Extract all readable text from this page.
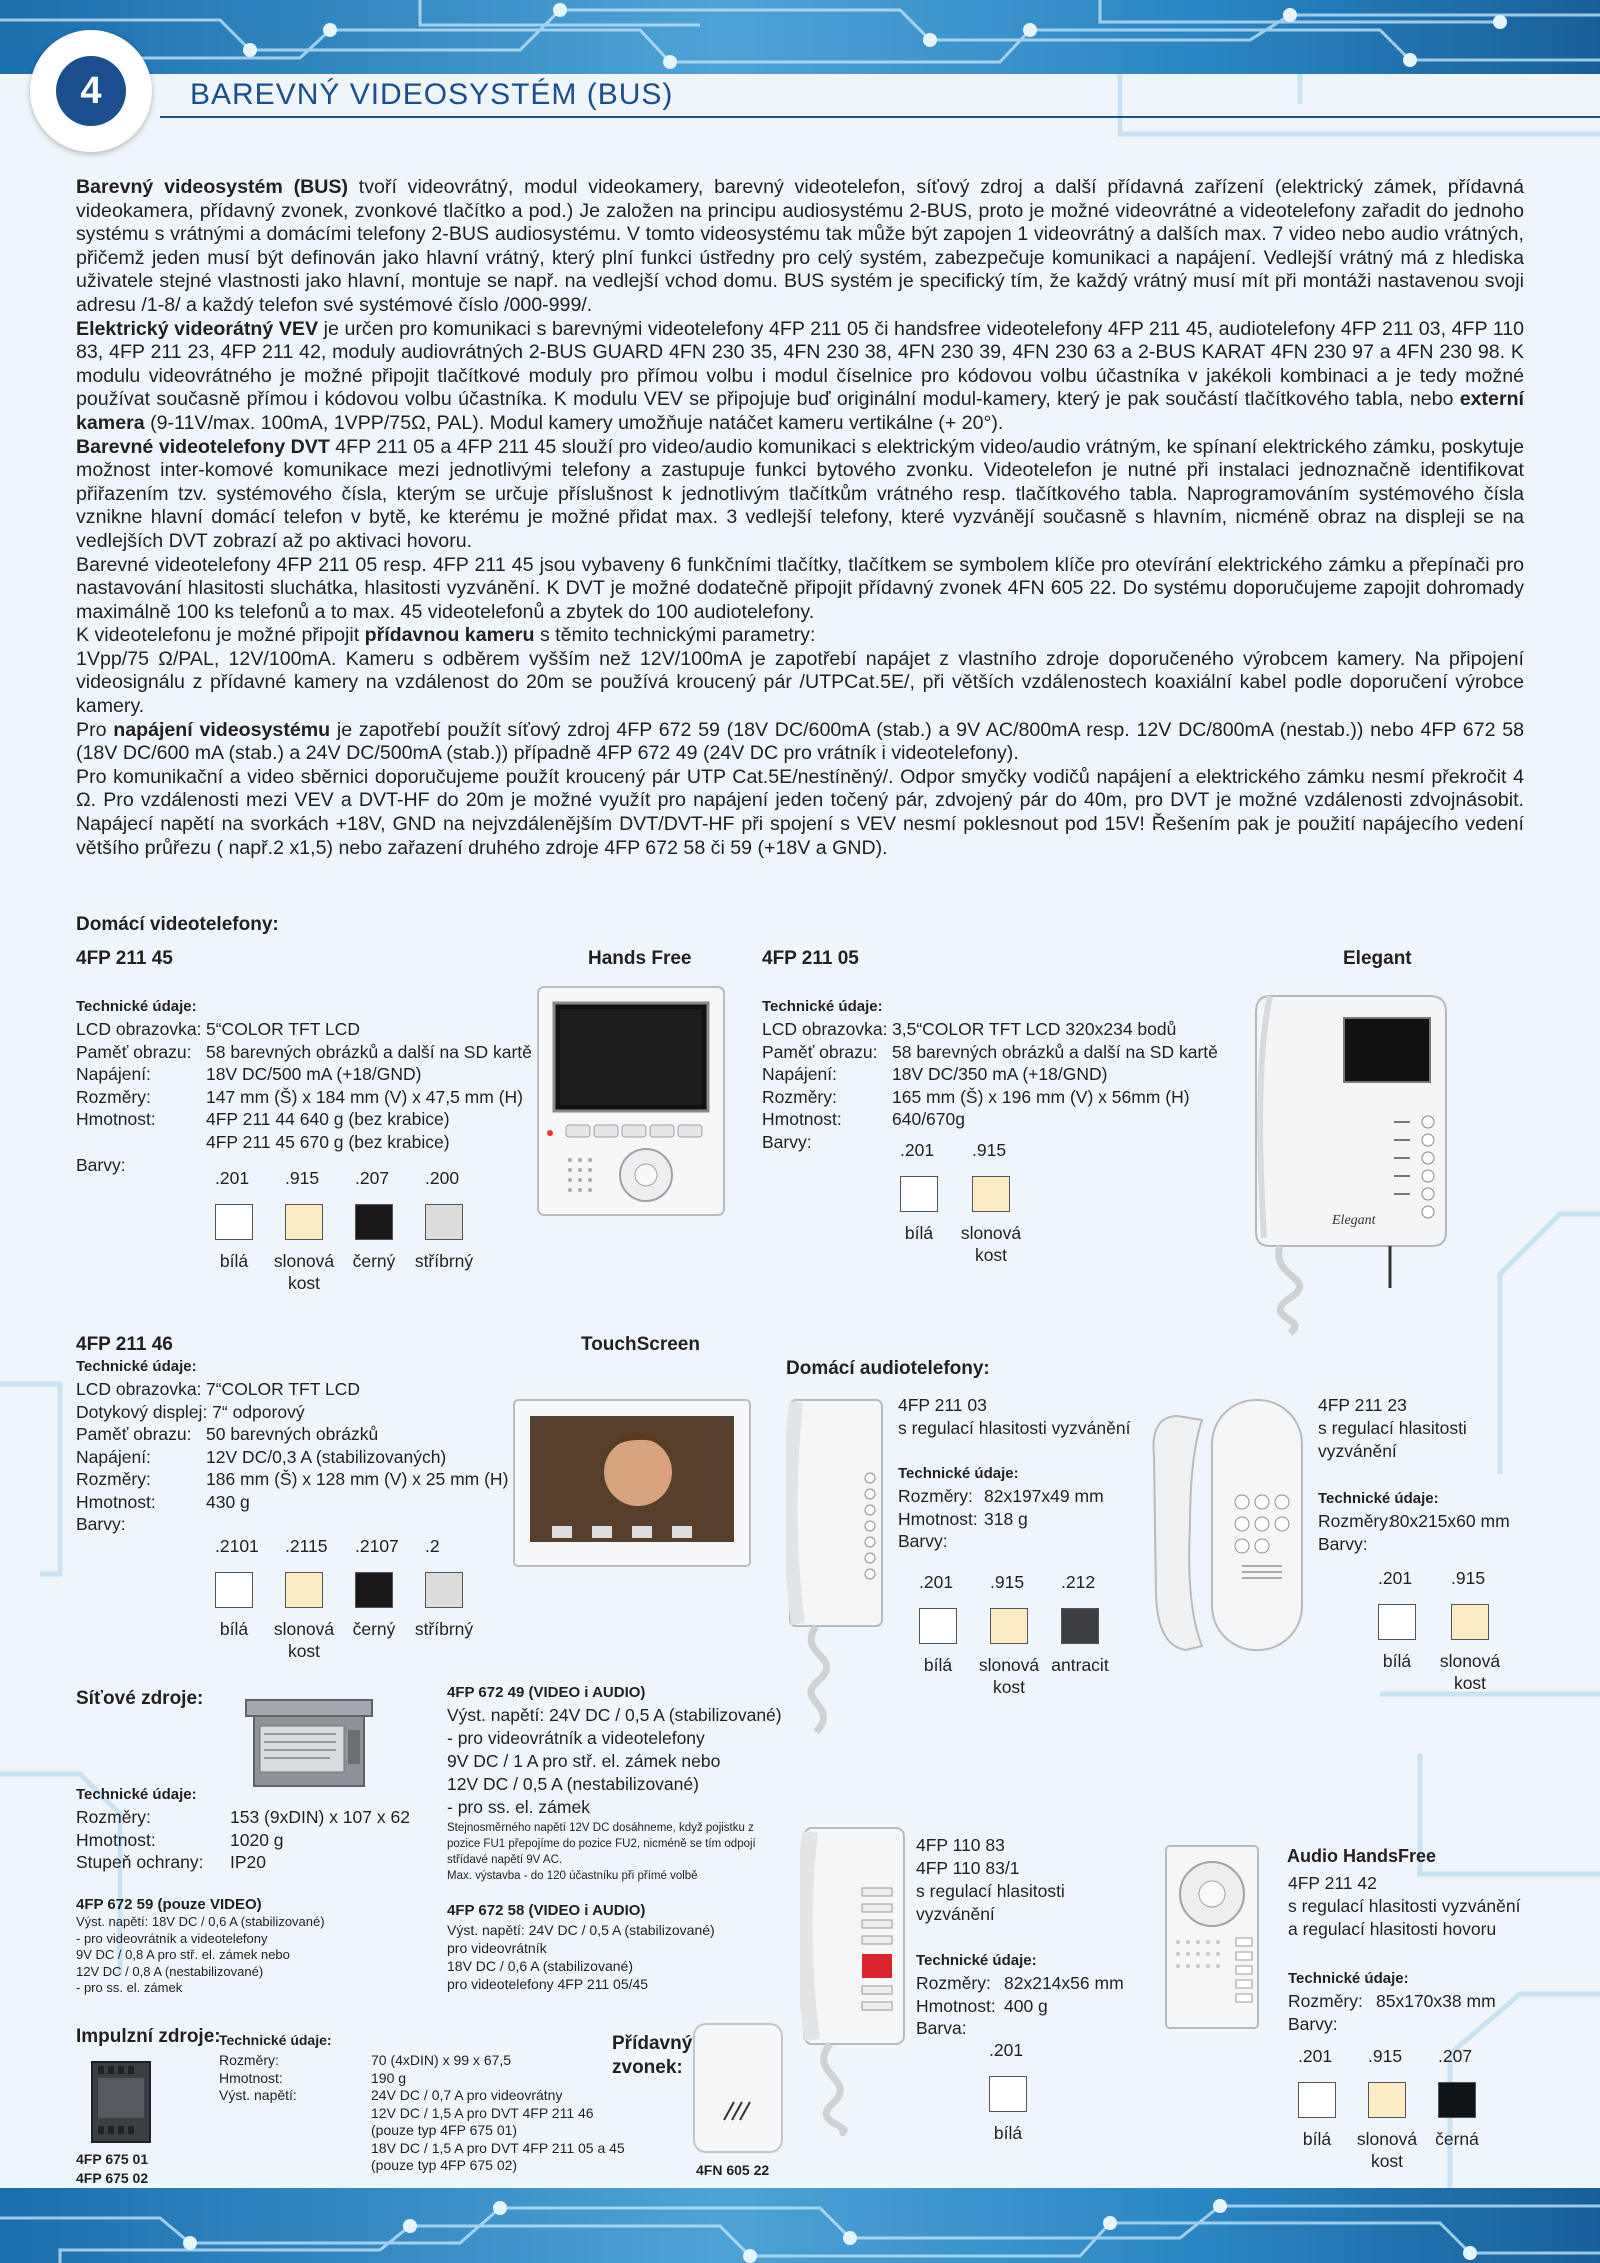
4	BAREVNÝ VIDEOSYSTÉM (BUS)

Barevný videosystém (BUS) tvoří videovrátný, modul videokamery, barevný videotelefon, síťový zdroj a další přídavná zařízení (elektrický zámek, přídavná videokamera, přídavný zvonek, zvonkové tlačítko a pod.) Je založen na principu audiosystému 2-BUS, proto je možné videovrátné a videotelefony zařadit do jednoho systému s vrátnými a domácími telefony 2-BUS audiosystému. V tomto videosystému tak může být zapojen 1 videovrátný a dalších max. 7 video nebo audio vrátných, přičemž jeden musí být definován jako hlavní vrátný, který plní funkci ústředny pro celý systém, zabezpečuje komunikaci a napájení. Vedlejší vrátný má z hlediska uživatele stejné vlastnosti jako hlavní, montuje se např. na vedlejší vchod domu. BUS systém je specifický tím, že každý vrátný musí mít při montáži nastavenou svoji adresu /1-8/ a každý telefon své systémové číslo /000-999/.

Elektrický videorátný VEV je určen pro komunikaci s barevnými videotelefony 4FP 211 05 či handsfree videotelefony 4FP 211 45, audiotelefony 4FP 211 03, 4FP 110 83, 4FP 211 23, 4FP 211 42, moduly audiovrátných 2-BUS GUARD 4FN 230 35, 4FN 230 38, 4FN 230 39, 4FN 230 63 a 2-BUS KARAT 4FN 230 97 a 4FN 230 98. K modulu videovrátného je možné připojit tlačítkové moduly pro přímou volbu i modul číselnice pro kódovou volbu účastníka v jakékoli kombinaci a je tedy možné používat současně přímou i kódovou volbu účastníka. K modulu VEV se připojuje buď originální modul-kamery, který je pak součástí tlačítkového tabla, nebo externí kamera (9-11V/max. 100mA, 1VPP/75Ω, PAL). Modul kamery umožňuje natáčet kameru vertikálne (+ 20°).

Barevné videotelefony DVT 4FP 211 05 a 4FP 211 45 slouží pro video/audio komunikaci s elektrickým video/audio vrátným, ke spínaní elektrického zámku, poskytuje možnost inter-komové komunikace mezi jednotlivými telefony a zastupuje funkci bytového zvonku. Videotelefon je nutné při instalaci jednoznačně identifikovat přiřazením tzv. systémového čísla, kterým se určuje příslušnost k jednotlivým tlačítkům vrátného resp. tlačítkového tabla. Naprogramováním systémového čísla vznikne hlavní domácí telefon v bytě, ke kterému je možné přidat max. 3 vedlejší telefony, které vyzvánějí současně s hlavním, nicméně obraz na displeji se na vedlejších DVT zobrazí až po aktivaci hovoru.

Barevné videotelefony 4FP 211 05 resp. 4FP 211 45 jsou vybaveny 6 funkčními tlačítky, tlačítkem se symbolem klíče pro otevírání elektrického zámku a přepínači pro nastavování hlasitosti sluchátka, hlasitosti vyzvánění. K DVT je možné dodatečně připojit přídavný zvonek 4FN 605 22. Do systému doporučujeme zapojit dohromady maximálně 100 ks telefonů a to max. 45 videotelefonů a zbytek do 100 audiotelefony.

K videotelefonu je možné připojit přídavnou kameru s těmito technickými parametry:

1Vpp/75 Ω/PAL, 12V/100mA. Kameru s odběrem vyšším než 12V/100mA je zapotřebí napájet z vlastního zdroje doporučeného výrobcem kamery. Na připojení videosignálu z přídavné kamery na vzdálenost do 20m se používá kroucený pár /UTPCat.5E/, při větších vzdálenostech koaxiální kabel podle doporučení výrobce kamery.

Pro napájení videosystému je zapotřebí použít síťový zdroj 4FP 672 59 (18V DC/600mA (stab.) a 9V AC/800mA resp. 12V DC/800mA (nestab.)) nebo 4FP 672 58 (18V DC/600 mA (stab.) a 24V DC/500mA (stab.)) případně 4FP 672 49 (24V DC pro vrátník i videotelefony).

Pro komunikační a video sběrnici doporučujeme použít kroucený pár UTP Cat.5E/nestíněný/. Odpor smyčky vodičů napájení a elektrického zámku nesmí překročit 4 Ω. Pro vzdálenosti mezi VEV a DVT-HF do 20m je možné využít pro napájení jeden točený pár, zdvojený pár do 40m, pro DVT je možné vzdálenosti zdvojnásobit. Napájecí napětí na svorkách +18V, GND na nejvzdálenějším DVT/DVT-HF při spojení s VEV nesmí poklesnout pod 15V! Řešením pak je použití napájecího vedení většího průřezu ( např.2 x1,5) nebo zařazení druhého zdroje 4FP 672 58 či 59 (+18V a GND).

Domácí videotelefony:
4FP 211 45	Hands Free
Technické údaje:
LCD obrazovka: 5“COLOR TFT LCD
Paměť obrazu: 58 barevných obrázků a další na SD kartě
Napájení:	18V DC/500 mA (+18/GND)
Rozměry:	147 mm (Š) x 184 mm (V) x 47,5 mm (H)
Hmotnost:	4FP 211 44 640 g (bez krabice)
4FP 211 45 670 g (bez krabice)
Barvy:
.201
bílá
.915
slonová kost
.207
černý
.200
stříbrný
4FP 211 05	Elegant
Technické údaje:
LCD obrazovka: 3,5“COLOR TFT LCD 320x234 bodů
Paměť obrazu: 58 barevných obrázků a další na SD kartě
Napájení:	18V DC/350 mA (+18/GND)
Rozměry:	165 mm (Š) x 196 mm (V) x 56mm (H)
Hmotnost:	640/670g
Barvy:	.201
bílá
.915
slonová kost
Elegant
4FP 211 46	TouchScreen
Technické údaje:
LCD obrazovka: 7“COLOR TFT LCD
Dotykový displej: 7“ odporový
Paměť obrazu: 50 barevných obrázků
Napájení:	12V DC/0,3 A (stabilizovaných)
Rozměry:	186 mm (Š) x 128 mm (V) x 25 mm (H)
Hmotnost:	430 g
Barvy:
.2101
bílá
.2115
slonová kost
.2107
černý
.2
stříbrný
Domácí audiotelefony:
4FP 211 03
s regulací hlasitosti vyzvánění
Technické údaje:
Rozměry: 82x197x49 mm
Hmotnost: 318 g
Barvy:
.201
bílá
.915
slonová kost
.212
antracit
4FP 211 23
s regulací hlasitosti
vyzvánění
Technické údaje:
Rozměry:80x215x60 mm
Barvy:
.201
bílá
.915
slonová kost
Síťové zdroje:
Technické údaje:
Rozměry:	153 (9xDIN) x 107 x 62
Hmotnost:	1020 g
Stupeň ochrany: IP20
4FP 672 59 (pouze VIDEO)
Výst. napětí: 18V DC / 0,6 A (stabilizované)
- pro videovrátník a videotelefony
9V DC / 0,8 A pro stř. el. zámek nebo
12V DC / 0,8 A (nestabilizované)
- pro ss. el. zámek
4FP 672 49 (VIDEO i AUDIO)
Výst. napětí: 24V DC / 0,5 A (stabilizované)
- pro videovrátník a videotelefony
9V DC / 1 A pro stř. el. zámek nebo
12V DC / 0,5 A (nestabilizované)
- pro ss. el. zámek
Stejnosměrného napětí 12V DC dosáhneme, když pojistku z
pozice FU1 přepojíme do pozice FU2, nicméně se tím odpojí
střídavé napětí 9V AC.
Max. výstavba - do 120 účastníku při přímé volbě
4FP 672 58 (VIDEO i AUDIO)
Výst. napětí: 24V DC / 0,5 A (stabilizované)
pro videovrátník
18V DC / 0,6 A (stabilizované)
pro videotelefony 4FP 211 05/45
Impulzní zdroje:
4FP 675 01
4FP 675 02
Technické údaje:
Rozměry:	70 (4xDIN) x 99 x 67,5
Hmotnost:	190 g
Výst. napětí:	24V DC / 0,7 A pro videovrátny
12V DC / 1,5 A pro DVT 4FP 211 46
(pouze typ 4FP 675 01)
18V DC / 1,5 A pro DVT 4FP 211 05 a 45
(pouze typ 4FP 675 02)
Přídavný
zvonek:
4FN 605 22
4FP 110 83
4FP 110 83/1
s regulací hlasitosti
vyzvánění
Technické údaje:
Rozměry: 82x214x56 mm
Hmotnost: 400 g
Barva:
.201
bílá
Audio HandsFree
4FP 211 42
s regulací hlasitosti vyzvánění
a regulací hlasitosti hovoru
Technické údaje:
Rozměry: 85x170x38 mm
Barvy:
.201
bílá
.915
slonová kost
.207
černá
